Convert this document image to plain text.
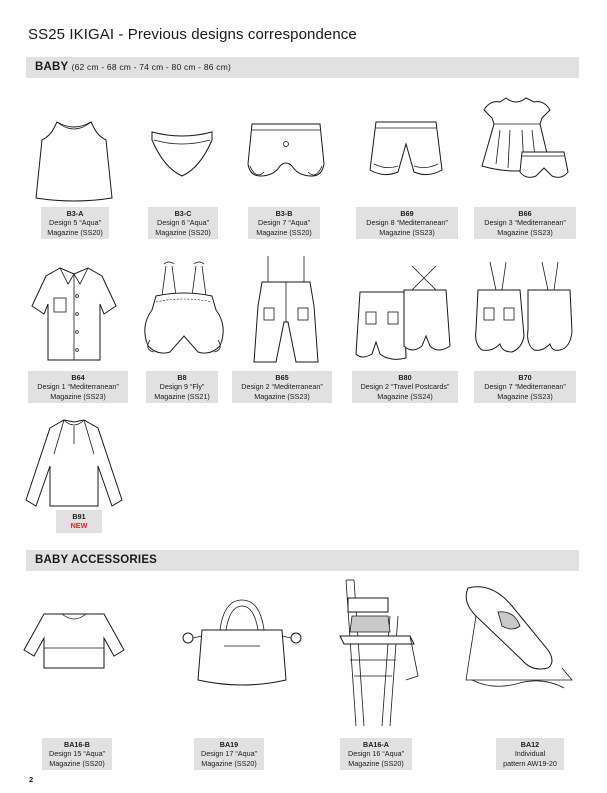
SS25 IKIGAI - Previous designs correspondence
BABY (62 cm - 68 cm - 74 cm - 80 cm - 86 cm)
B3-A
Design 5 “Aqua”
Magazine (SS20)
B3-C
Design 6 “Aqua”
Magazine (SS20)
B3-B
Design 7 “Aqua”
Magazine (SS20)
B69
Design 8 “Mediterranean”
Magazine (SS23)
B66
Design 3 “Mediterranean”
Magazine (SS23)
B64
Design 1 “Mediterranean”
Magazine (SS23)
B8
Design 9 “Fly”
Magazine (SS21)
B65
Design 2 “Mediterranean”
Magazine (SS23)
B80
Design 2 “Travel Postcards”
Magazine (SS24)
B70
Design 7 “Mediterranean”
Magazine (SS23)
B91
NEW
BABY ACCESSORIES
BA16-B
Design 15 “Aqua”
Magazine (SS20)
BA19
Design 17 “Aqua”
Magazine (SS20)
BA16-A
Design 16 “Aqua”
Magazine (SS20)
BA12
Individual
pattern AW19-20
2
